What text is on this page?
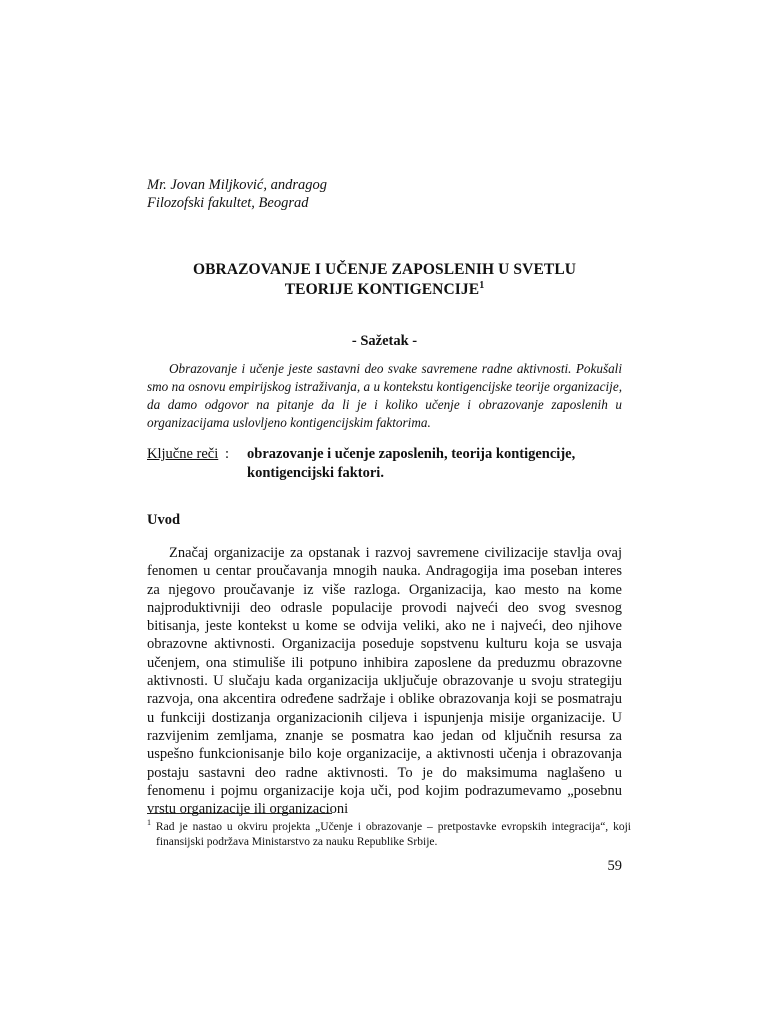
Mr. Jovan Miljković, andragog
Filozofski fakultet, Beograd
OBRAZOVANJE I UČENJE ZAPOSLENIH U SVETLU
TEORIJE KONTIGENCIJE$^1$
- Sažetak -

Obrazovanje i učenje jeste sastavni deo svake savremene radne aktivnosti. Pokušali smo na osnovu empirijskog istraživanja, a u kontekstu kontigencijske teorije organizacije, da damo odgovor na pitanje da li je i koliko učenje i obrazovanje zaposlenih u organizacijama uslovljeno kontigencijskim faktorima.

Ključne reči : obrazovanje i učenje zaposlenih, teorija kontigencije, kontigencijski faktori.

Uvod

Značaj organizacije za opstanak i razvoj savremene civilizacije stavlja ovaj fenomen u centar proučavanja mnogih nauka. Andragogija ima poseban interes za njegovo proučavanje iz više razloga. Organizacija, kao mesto na kome najproduktivniji deo odrasle populacije provodi najveći deo svog svesnog bitisanja, jeste kontekst u kome se odvija veliki, ako ne i najveći, deo njihove obrazovne aktivnosti. Organizacija poseduje sopstvenu kulturu koja se usvaja učenjem, ona stimuliše ili potpuno inhibira zaposlene da preduzmu obrazovne aktivnosti. U slučaju kada organizacija uključuje obrazovanje u svoju strategiju razvoja, ona akcentira određene sadržaje i oblike obrazovanja koji se posmatraju u funkciji dostizanja organizacionih ciljeva i ispunjenja misije organizacije. U razvijenim zemljama, znanje se posmatra kao jedan od ključnih resursa za uspešno funkcionisanje bilo koje organizacije, a aktivnosti učenja i obrazovanja postaju sastavni deo radne aktivnosti. To je do maksimuma naglašeno u fenomenu i pojmu organizacije koja uči, pod kojim podrazumevamo „posebnu vrstu organizacije ili organizacioni

$^1$ Rad je nastao u okviru projekta „Učenje i obrazovanje – pretpostavke evropskih integracija“, koji finansijski podržava Ministarstvo za nauku Republike Srbije.

59
